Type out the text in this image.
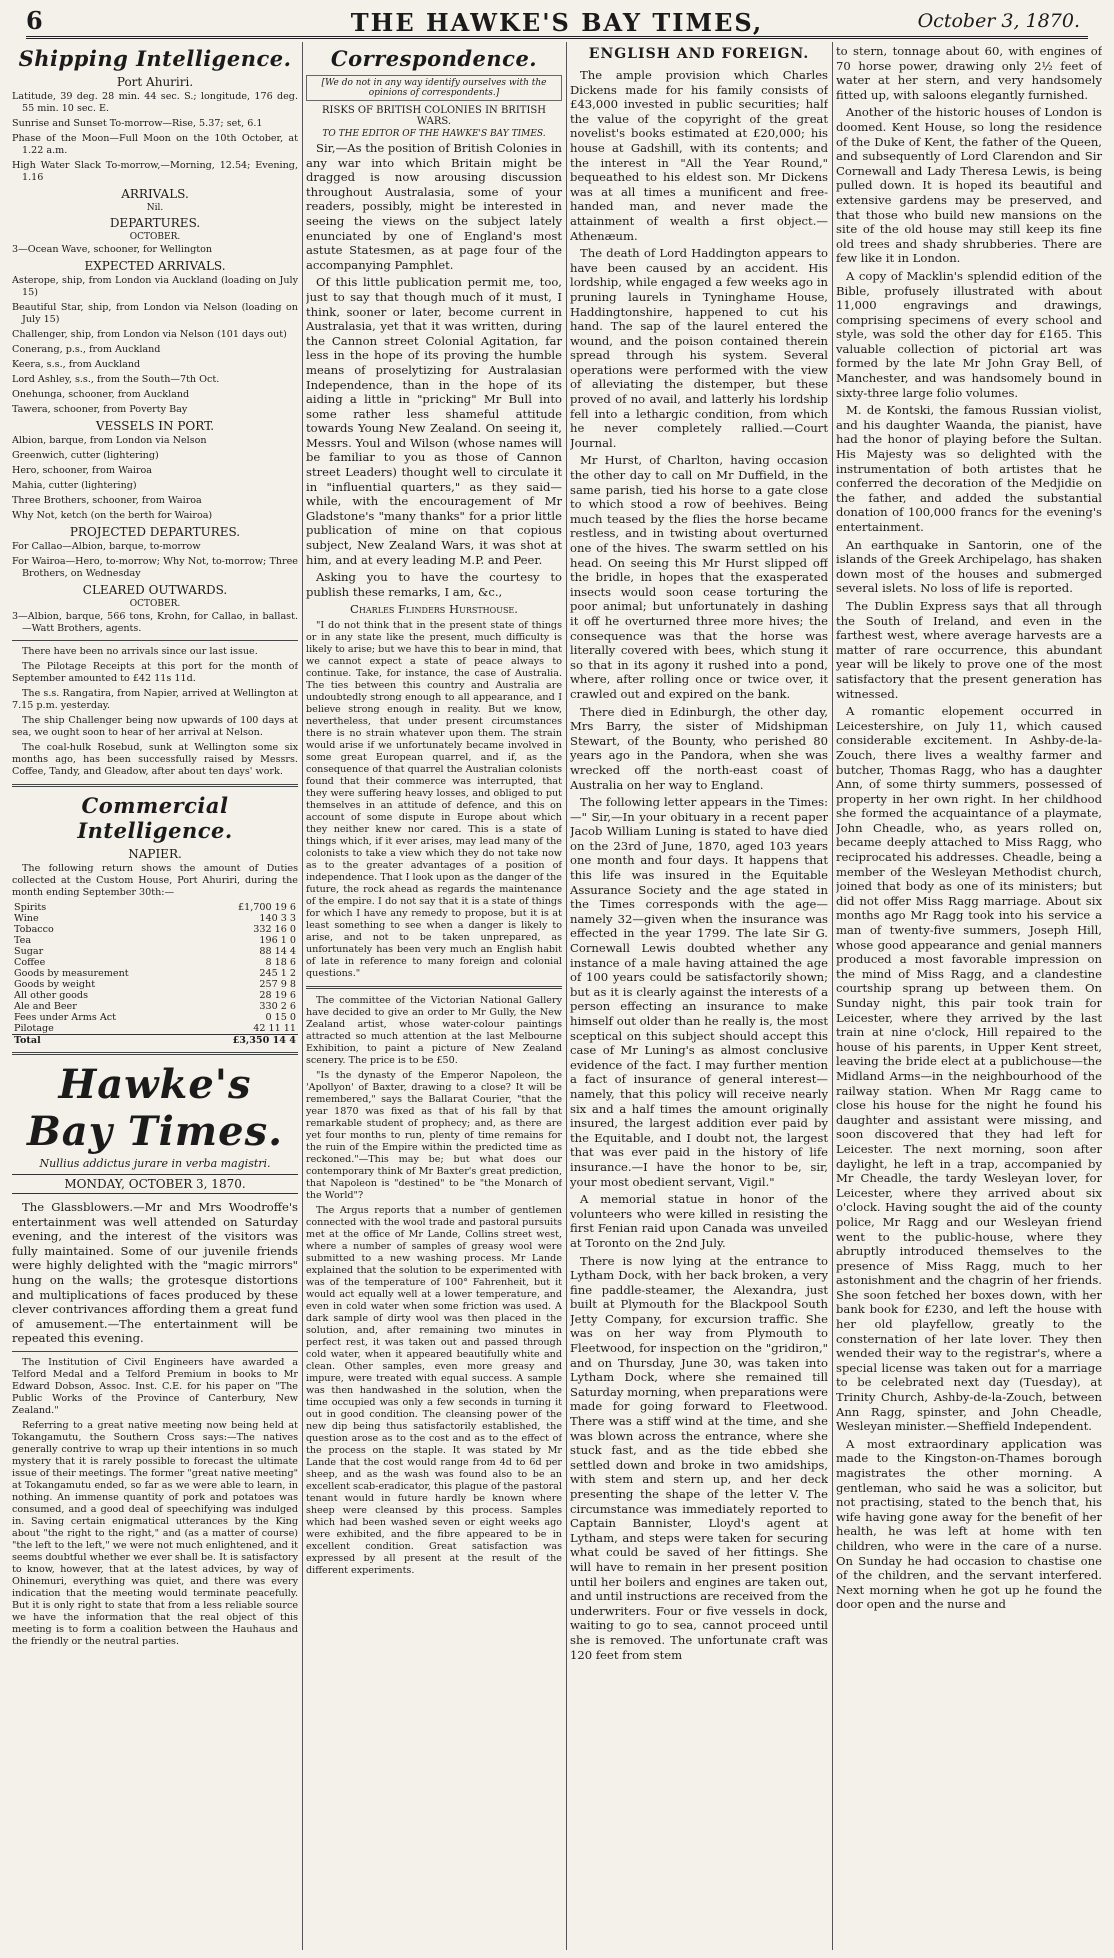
6	THE HAWKE'S BAY TIMES,	October 3, 1870.
Shipping Intelligence.
Port Ahuriri.

Latitude, 39 deg. 28 min. 44 sec. S.; longitude, 176 deg. 55 min. 10 sec. E.

Sunrise and Sunset To-morrow—Rise, 5.37; set, 6.1

Phase of the Moon—Full Moon on the 10th October, at 1.22 a.m.

High Water Slack To-morrow,—Morning, 12.54; Evening, 1.16

ARRIVALS.
Nil.
DEPARTURES.
OCTOBER.

3—Ocean Wave, schooner, for Wellington

EXPECTED ARRIVALS.

Asterope, ship, from London via Auckland (loading on July 15)

Beautiful Star, ship, from London via Nelson (loading on July 15)

Challenger, ship, from London via Nelson (101 days out)

Conerang, p.s., from Auckland

Keera, s.s., from Auckland

Lord Ashley, s.s., from the South—7th Oct.

Onehunga, schooner, from Auckland

Tawera, schooner, from Poverty Bay

VESSELS IN PORT.

Albion, barque, from London via Nelson

Greenwich, cutter (lightering)

Hero, schooner, from Wairoa

Mahia, cutter (lightering)

Three Brothers, schooner, from Wairoa

Why Not, ketch (on the berth for Wairoa)

PROJECTED DEPARTURES.

For Callao—Albion, barque, to-morrow

For Wairoa—Hero, to-morrow; Why Not, to-morrow; Three Brothers, on Wednesday

CLEARED OUTWARDS.
OCTOBER.

3—Albion, barque, 566 tons, Krohn, for Callao, in ballast.—Watt Brothers, agents.

There have been no arrivals since our last issue.

The Pilotage Receipts at this port for the month of September amounted to £42 11s 11d.

The s.s. Rangatira, from Napier, arrived at Wellington at 7.15 p.m. yesterday.

The ship Challenger being now upwards of 100 days at sea, we ought soon to hear of her arrival at Nelson.

The coal-hulk Rosebud, sunk at Wellington some six months ago, has been successfully raised by Messrs. Coffee, Tandy, and Gleadow, after about ten days' work.

Commercial Intelligence.
NAPIER.

The following return shows the amount of Duties collected at the Custom House, Port Ahuriri, during the month ending September 30th:—

Spirits	£1,700 19 6
Wine	140 3 3
Tobacco	332 16 0
Tea	196 1 0
Sugar	88 14 4
Coffee	8 18 6
Goods by measurement	245 1 2
Goods by weight	257 9 8
All other goods	28 19 6
Ale and Beer	330 2 6
Fees under Arms Act	0 15 0
Pilotage	42 11 11
Total	£3,350 14 4
Hawke's Bay Times.
Nullius addictus jurare in verba magistri.
MONDAY, OCTOBER 3, 1870.

The Glassblowers.—Mr and Mrs Woodroffe's entertainment was well attended on Saturday evening, and the interest of the visitors was fully maintained. Some of our juvenile friends were highly delighted with the "magic mirrors" hung on the walls; the grotesque distortions and multiplications of faces produced by these clever contrivances affording them a great fund of amusement.—The entertainment will be repeated this evening.

The Institution of Civil Engineers have awarded a Telford Medal and a Telford Premium in books to Mr Edward Dobson, Assoc. Inst. C.E. for his paper on "The Public Works of the Province of Canterbury, New Zealand."

Referring to a great native meeting now being held at Tokangamutu, the Southern Cross says:—The natives generally contrive to wrap up their intentions in so much mystery that it is rarely possible to forecast the ultimate issue of their meetings. The former "great native meeting" at Tokangamutu ended, so far as we were able to learn, in nothing. An immense quantity of pork and potatoes was consumed, and a good deal of speechifying was indulged in. Saving certain enigmatical utterances by the King about "the right to the right," and (as a matter of course) "the left to the left," we were not much enlightened, and it seems doubtful whether we ever shall be. It is satisfactory to know, however, that at the latest advices, by way of Ohinemuri, everything was quiet, and there was every indication that the meeting would terminate peacefully. But it is only right to state that from a less reliable source we have the information that the real object of this meeting is to form a coalition between the Hauhaus and the friendly or the neutral parties.

Correspondence.
[We do not in any way identify ourselves with the opinions of correspondents.]
RISKS OF BRITISH COLONIES IN BRITISH WARS.
TO THE EDITOR OF THE HAWKE'S BAY TIMES.

Sir,—As the position of British Colonies in any war into which Britain might be dragged is now arousing discussion throughout Australasia, some of your readers, possibly, might be interested in seeing the views on the subject lately enunciated by one of England's most astute Statesmen, as at page four of the accompanying Pamphlet.

Of this little publication permit me, too, just to say that though much of it must, I think, sooner or later, become current in Australasia, yet that it was written, during the Cannon street Colonial Agitation, far less in the hope of its proving the humble means of proselytizing for Australasian Independence, than in the hope of its aiding a little in "pricking" Mr Bull into some rather less shameful attitude towards Young New Zealand. On seeing it, Messrs. Youl and Wilson (whose names will be familiar to you as those of Cannon street Leaders) thought well to circulate it in "influential quarters," as they said—while, with the encouragement of Mr Gladstone's "many thanks" for a prior little publication of mine on that copious subject, New Zealand Wars, it was shot at him, and at every leading M.P. and Peer.

Asking you to have the courtesy to publish these remarks, I am, &c.,

Charles Flinders Hursthouse.

"I do not think that in the present state of things or in any state like the present, much difficulty is likely to arise; but we have this to bear in mind, that we cannot expect a state of peace always to continue. Take, for instance, the case of Australia. The ties between this country and Australia are undoubtedly strong enough to all appearance, and I believe strong enough in reality. But we know, nevertheless, that under present circumstances there is no strain whatever upon them. The strain would arise if we unfortunately became involved in some great European quarrel, and if, as the consequence of that quarrel the Australian colonists found that their commerce was interrupted, that they were suffering heavy losses, and obliged to put themselves in an attitude of defence, and this on account of some dispute in Europe about which they neither knew nor cared. This is a state of things which, if it ever arises, may lead many of the colonists to take a view which they do not take now as to the greater advantages of a position of independence. That I look upon as the danger of the future, the rock ahead as regards the maintenance of the empire. I do not say that it is a state of things for which I have any remedy to propose, but it is at least something to see when a danger is likely to arise, and not to be taken unprepared, as unfortunately has been very much an English habit of late in reference to many foreign and colonial questions."

The committee of the Victorian National Gallery have decided to give an order to Mr Gully, the New Zealand artist, whose water-colour paintings attracted so much attention at the last Melbourne Exhibition, to paint a picture of New Zealand scenery. The price is to be £50.

"Is the dynasty of the Emperor Napoleon, the 'Apollyon' of Baxter, drawing to a close? It will be remembered," says the Ballarat Courier, "that the year 1870 was fixed as that of his fall by that remarkable student of prophecy; and, as there are yet four months to run, plenty of time remains for the ruin of the Empire within the predicted time as reckoned."—This may be; but what does our contemporary think of Mr Baxter's great prediction, that Napoleon is "destined" to be "the Monarch of the World"?

The Argus reports that a number of gentlemen connected with the wool trade and pastoral pursuits met at the office of Mr Lande, Collins street west, where a number of samples of greasy wool were submitted to a new washing process. Mr Lande explained that the solution to be experimented with was of the temperature of 100° Fahrenheit, but it would act equally well at a lower temperature, and even in cold water when some friction was used. A dark sample of dirty wool was then placed in the solution, and, after remaining two minutes in perfect rest, it was taken out and passed through cold water, when it appeared beautifully white and clean. Other samples, even more greasy and impure, were treated with equal success. A sample was then handwashed in the solution, when the time occupied was only a few seconds in turning it out in good condition. The cleansing power of the new dip being thus satisfactorily established, the question arose as to the cost and as to the effect of the process on the staple. It was stated by Mr Lande that the cost would range from 4d to 6d per sheep, and as the wash was found also to be an excellent scab-eradicator, this plague of the pastoral tenant would in future hardly be known where sheep were cleansed by this process. Samples which had been washed seven or eight weeks ago were exhibited, and the fibre appeared to be in excellent condition. Great satisfaction was expressed by all present at the result of the different experiments.

ENGLISH AND FOREIGN.

The ample provision which Charles Dickens made for his family consists of £43,000 invested in public securities; half the value of the copyright of the great novelist's books estimated at £20,000; his house at Gadshill, with its contents; and the interest in "All the Year Round," bequeathed to his eldest son. Mr Dickens was at all times a munificent and free-handed man, and never made the attainment of wealth a first object.—Athenæum.

The death of Lord Haddington appears to have been caused by an accident. His lordship, while engaged a few weeks ago in pruning laurels in Tyninghame House, Haddingtonshire, happened to cut his hand. The sap of the laurel entered the wound, and the poison contained therein spread through his system. Several operations were performed with the view of alleviating the distemper, but these proved of no avail, and latterly his lordship fell into a lethargic condition, from which he never completely rallied.—Court Journal.

Mr Hurst, of Charlton, having occasion the other day to call on Mr Duffield, in the same parish, tied his horse to a gate close to which stood a row of beehives. Being much teased by the flies the horse became restless, and in twisting about overturned one of the hives. The swarm settled on his head. On seeing this Mr Hurst slipped off the bridle, in hopes that the exasperated insects would soon cease torturing the poor animal; but unfortunately in dashing it off he overturned three more hives; the consequence was that the horse was literally covered with bees, which stung it so that in its agony it rushed into a pond, where, after rolling once or twice over, it crawled out and expired on the bank.

There died in Edinburgh, the other day, Mrs Barry, the sister of Midshipman Stewart, of the Bounty, who perished 80 years ago in the Pandora, when she was wrecked off the north-east coast of Australia on her way to England.

The following letter appears in the Times:—" Sir,—In your obituary in a recent paper Jacob William Luning is stated to have died on the 23rd of June, 1870, aged 103 years one month and four days. It happens that this life was insured in the Equitable Assurance Society and the age stated in the Times corresponds with the age—namely 32—given when the insurance was effected in the year 1799. The late Sir G. Cornewall Lewis doubted whether any instance of a male having attained the age of 100 years could be satisfactorily shown; but as it is clearly against the interests of a person effecting an insurance to make himself out older than he really is, the most sceptical on this subject should accept this case of Mr Luning's as almost conclusive evidence of the fact. I may further mention a fact of insurance of general interest—namely, that this policy will receive nearly six and a half times the amount originally insured, the largest addition ever paid by the Equitable, and I doubt not, the largest that was ever paid in the history of life insurance.—I have the honor to be, sir, your most obedient servant, Vigil."

A memorial statue in honor of the volunteers who were killed in resisting the first Fenian raid upon Canada was unveiled at Toronto on the 2nd July.

There is now lying at the entrance to Lytham Dock, with her back broken, a very fine paddle-steamer, the Alexandra, just built at Plymouth for the Blackpool South Jetty Company, for excursion traffic. She was on her way from Plymouth to Fleetwood, for inspection on the "gridiron," and on Thursday, June 30, was taken into Lytham Dock, where she remained till Saturday morning, when preparations were made for going forward to Fleetwood. There was a stiff wind at the time, and she was blown across the entrance, where she stuck fast, and as the tide ebbed she settled down and broke in two amidships, with stem and stern up, and her deck presenting the shape of the letter V. The circumstance was immediately reported to Captain Bannister, Lloyd's agent at Lytham, and steps were taken for securing what could be saved of her fittings. She will have to remain in her present position until her boilers and engines are taken out, and until instructions are received from the underwriters. Four or five vessels in dock, waiting to go to sea, cannot proceed until she is removed. The unfortunate craft was 120 feet from stem

to stern, tonnage about 60, with engines of 70 horse power, drawing only 2½ feet of water at her stern, and very handsomely fitted up, with saloons elegantly furnished.

Another of the historic houses of London is doomed. Kent House, so long the residence of the Duke of Kent, the father of the Queen, and subsequently of Lord Clarendon and Sir Cornewall and Lady Theresa Lewis, is being pulled down. It is hoped its beautiful and extensive gardens may be preserved, and that those who build new mansions on the site of the old house may still keep its fine old trees and shady shrubberies. There are few like it in London.

A copy of Macklin's splendid edition of the Bible, profusely illustrated with about 11,000 engravings and drawings, comprising specimens of every school and style, was sold the other day for £165. This valuable collection of pictorial art was formed by the late Mr John Gray Bell, of Manchester, and was handsomely bound in sixty-three large folio volumes.

M. de Kontski, the famous Russian violist, and his daughter Waanda, the pianist, have had the honor of playing before the Sultan. His Majesty was so delighted with the instrumentation of both artistes that he conferred the decoration of the Medjidie on the father, and added the substantial donation of 100,000 francs for the evening's entertainment.

An earthquake in Santorin, one of the islands of the Greek Archipelago, has shaken down most of the houses and submerged several islets. No loss of life is reported.

The Dublin Express says that all through the South of Ireland, and even in the farthest west, where average harvests are a matter of rare occurrence, this abundant year will be likely to prove one of the most satisfactory that the present generation has witnessed.

A romantic elopement occurred in Leicestershire, on July 11, which caused considerable excitement. In Ashby-de-la-Zouch, there lives a wealthy farmer and butcher, Thomas Ragg, who has a daughter Ann, of some thirty summers, possessed of property in her own right. In her childhood she formed the acquaintance of a playmate, John Cheadle, who, as years rolled on, became deeply attached to Miss Ragg, who reciprocated his addresses. Cheadle, being a member of the Wesleyan Methodist church, joined that body as one of its ministers; but did not offer Miss Ragg marriage. About six months ago Mr Ragg took into his service a man of twenty-five summers, Joseph Hill, whose good appearance and genial manners produced a most favorable impression on the mind of Miss Ragg, and a clandestine courtship sprang up between them. On Sunday night, this pair took train for Leicester, where they arrived by the last train at nine o'clock, Hill repaired to the house of his parents, in Upper Kent street, leaving the bride elect at a publichouse—the Midland Arms—in the neighbourhood of the railway station. When Mr Ragg came to close his house for the night he found his daughter and assistant were missing, and soon discovered that they had left for Leicester. The next morning, soon after daylight, he left in a trap, accompanied by Mr Cheadle, the tardy Wesleyan lover, for Leicester, where they arrived about six o'clock. Having sought the aid of the county police, Mr Ragg and our Wesleyan friend went to the public-house, where they abruptly introduced themselves to the presence of Miss Ragg, much to her astonishment and the chagrin of her friends. She soon fetched her boxes down, with her bank book for £230, and left the house with her old playfellow, greatly to the consternation of her late lover. They then wended their way to the registrar's, where a special license was taken out for a marriage to be celebrated next day (Tuesday), at Trinity Church, Ashby-de-la-Zouch, between Ann Ragg, spinster, and John Cheadle, Wesleyan minister.—Sheffield Independent.

A most extraordinary application was made to the Kingston-on-Thames borough magistrates the other morning. A gentleman, who said he was a solicitor, but not practising, stated to the bench that, his wife having gone away for the benefit of her health, he was left at home with ten children, who were in the care of a nurse. On Sunday he had occasion to chastise one of the children, and the servant interfered. Next morning when he got up he found the door open and the nurse and
